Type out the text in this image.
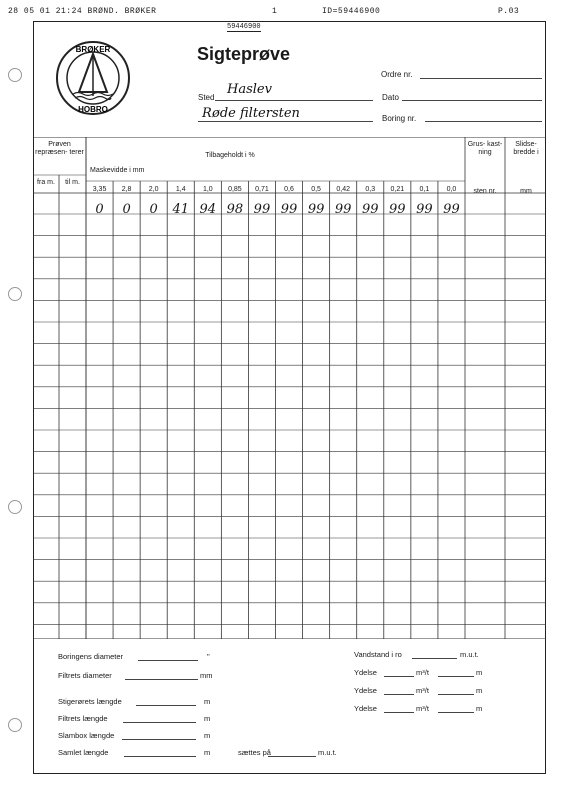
28 05 01 21:24 BRØND. BRØKER	1	ID=59446900	P.03
59446900
BRØKER
HOBRO
Sigteprøve
Ordre nr.
Sted
Haslev
Dato
Røde filtersten	Boring nr.
Prøven repræsen- terer
fra m.	til m.
Tilbageholdt i %
Maskevidde i mm
Grus- kast- ning
sten nr.
Slidse- bredde i
mm
3,35	2,8	2,0	1,4	1,0	0,85	0,71	0,6	0,5	0,42	0,3	0,21	0,1	0,0
0	0	0	41 94 98 99 99 99 99 99 99 99 99
Boringens diameter	"
Filtrets diameter	mm
Stigerørets længde	m
Filtrets længde	m
Slambox længde	m
Samlet længde	m	sættes på	m.u.t.
Vandstand i ro	m.u.t.
Ydelse	m³/t	m
Ydelse	m³/t	m
Ydelse	m³/t	m
